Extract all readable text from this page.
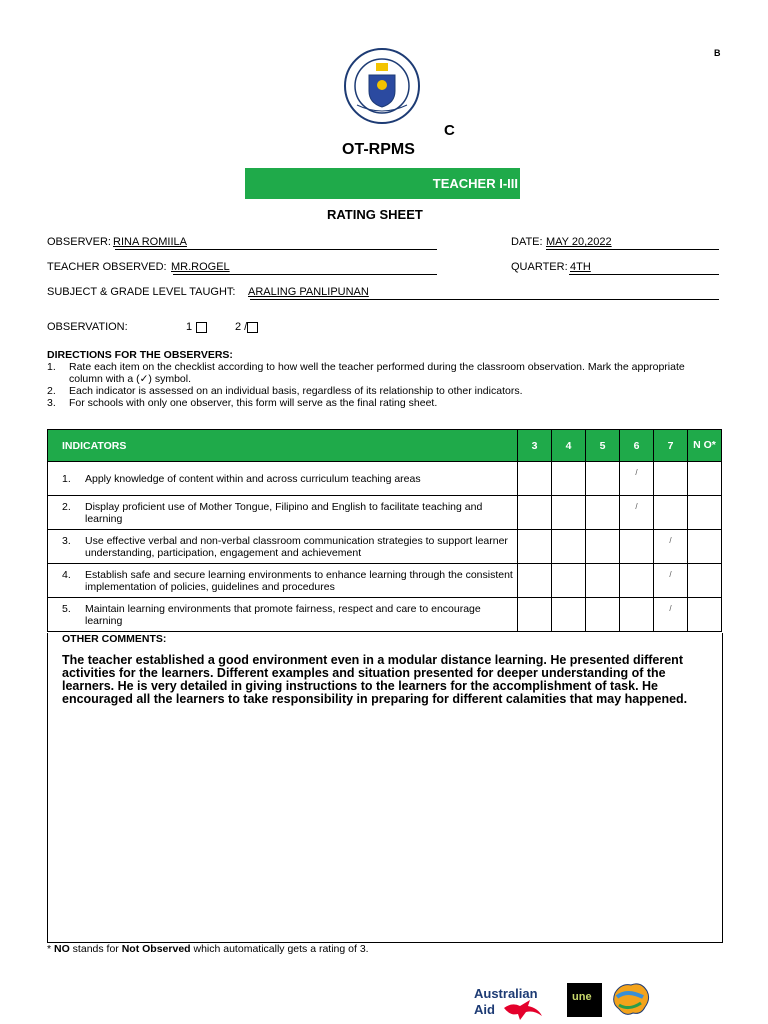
B
C
OT-RPMS
TEACHER I-III
RATING SHEET
OBSERVER: RINA ROMIILA	DATE: MAY 20,2022
TEACHER OBSERVED: MR.ROGEL	QUARTER: 4TH
SUBJECT & GRADE LEVEL TAUGHT: ARALING PANLIPUNAN
OBSERVATION:	1	2 /
DIRECTIONS FOR THE OBSERVERS:
1. Rate each item on the checklist according to how well the teacher performed during the classroom observation. Mark the appropriate column with a (✓) symbol.
2. Each indicator is assessed on an individual basis, regardless of its relationship to other indicators.
3. For schools with only one observer, this form will serve as the final rating sheet.
INDICATORS	3	4	5	6	7	N O*

1. Apply knowledge of content within and across curriculum teaching areas				/		

2. Display proficient use of Mother Tongue, Filipino and English to facilitate teaching and learning				/		

3. Use effective verbal and non-verbal classroom communication strategies to support learner understanding, participation, engagement and achievement					/	

4. Establish safe and secure learning environments to enhance learning through the consistent implementation of policies, guidelines and procedures					/	

5. Maintain learning environments that promote fairness, respect and care to encourage learning					/	
OTHER COMMENTS:
The teacher established a good environment even in a modular distance learning. He presented different activities for the learners. Different examples and situation presented for deeper understanding of the learners. He is very detailed in giving instructions to the learners for the accomplishment of task. He encouraged all the learners to take responsibility in preparing for different calamities that may happened.
* NO stands for Not Observed which automatically gets a rating of 3.
Australian
Aid
une
